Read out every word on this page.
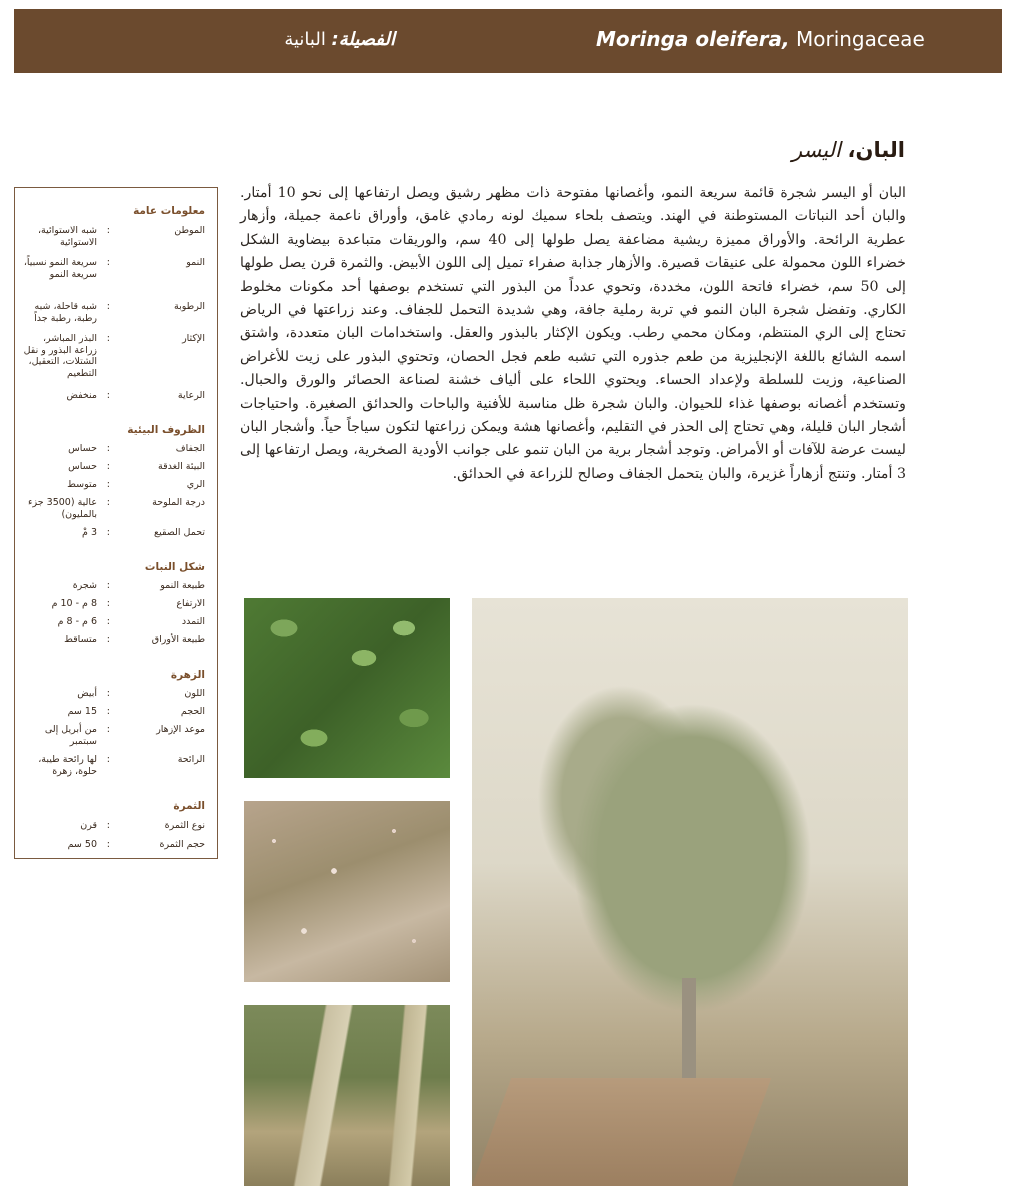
Moringa oleifera, Moringaceae
الفصيلة: البانية
البان، اليسر
البان أو اليسر شجرة قائمة سريعة النمو، وأغصانها مفتوحة ذات مظهر رشيق ويصل ارتفاعها إلى نحو 10 أمتار. والبان أحد النباتات المستوطنة في الهند. ويتصف بلحاء سميك لونه رمادي غامق، وأوراق ناعمة جميلة، وأزهار عطرية الرائحة. والأوراق مميزة ريشية مضاعفة يصل طولها إلى 40 سم، والوريقات متباعدة بيضاوية الشكل خضراء اللون محمولة على عنيقات قصيرة. والأزهار جذابة صفراء تميل إلى اللون الأبيض. والثمرة قرن يصل طولها إلى 50 سم، خضراء فاتحة اللون، مخددة، وتحوي عدداً من البذور التي تستخدم بوصفها أحد مكونات مخلوط الكاري. وتفضل شجرة البان النمو في تربة رملية جافة، وهي شديدة التحمل للجفاف. وعند زراعتها في الرياض تحتاج إلى الري المنتظم، ومكان محمي رطب. ويكون الإكثار بالبذور والعقل. واستخدامات البان متعددة، واشتق اسمه الشائع باللغة الإنجليزية من طعم جذوره التي تشبه طعم فجل الحصان، وتحتوي البذور على زيت للأغراض الصناعية، وزيت للسلطة ولإعداد الحساء. ويحتوي اللحاء على ألياف خشنة لصناعة الحصائر والورق والحبال. وتستخدم أغصانه بوصفها غذاء للحيوان. والبان شجرة ظل مناسبة للأفنية والباحات والحدائق الصغيرة. واحتياجات أشجار البان قليلة، وهي تحتاج إلى الحذر في التقليم، وأغصانها هشة ويمكن زراعتها لتكون سياجاً حياً. وأشجار البان ليست عرضة للآفات أو الأمراض. وتوجد أشجار برية من البان تنمو على جوانب الأودية الصخرية، ويصل ارتفاعها إلى 3 أمتار. وتنتج أزهاراً غزيرة، والبان يتحمل الجفاف وصالح للزراعة في الحدائق.
معلومات عامة
الموطن
:
شبه الاستوائية، الاستوائية
النمو
:
سريعة النمو نسبياً، سريعة النمو
الرطوبة
:
شبه قاحلة، شبه رطبة، رطبة جداً
الإكثار
:
البذر المباشر، زراعة البذور و نقل الشتلات، التعقيل، التطعيم
الرعاية
:
منخفض
الظروف البيئية
الجفاف
:
حساس
البيئة الغدقة
:
حساس
الري
:
متوسط
درجة الملوحة
:
عالية (3500 جزء بالمليون)
تحمل الصقيع
:
3 مْ
شكل النبات
طبيعة النمو
:
شجرة
الارتفاع
:
8 م - 10 م
التمدد
:
6 م - 8 م
طبيعة الأوراق
:
متساقط
الزهرة
اللون
:
أبيض
الحجم
:
15 سم
موعد الإزهار
:
من أبريل إلى سبتمبر
الرائحة
:
لها رائحة طيبة، حلوة، زهرة
الثمرة
نوع الثمرة
:
قرن
حجم الثمرة
:
50 سم
